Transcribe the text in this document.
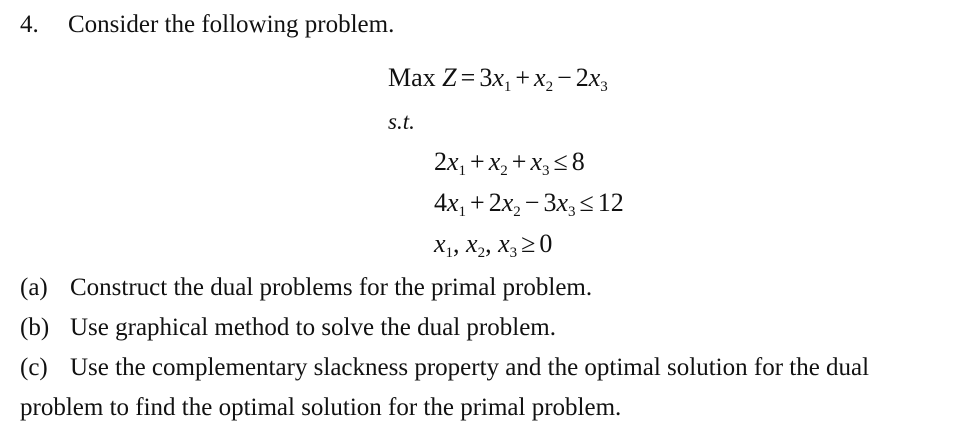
4. Consider the following problem.
Max $Z = 3x_1 + x_2 - 2x_3$
s.t.
$2x_1 + x_2 + x_3 \le 8$
$4x_1 + 2x_2 - 3x_3 \le 12$
$x_1$, $x_2$, $x_3 \ge 0$
(a) Construct the dual problems for the primal problem.
(b) Use graphical method to solve the dual problem.
(c) Use the complementary slackness property and the optimal solution for the dual
problem to find the optimal solution for the primal problem.
